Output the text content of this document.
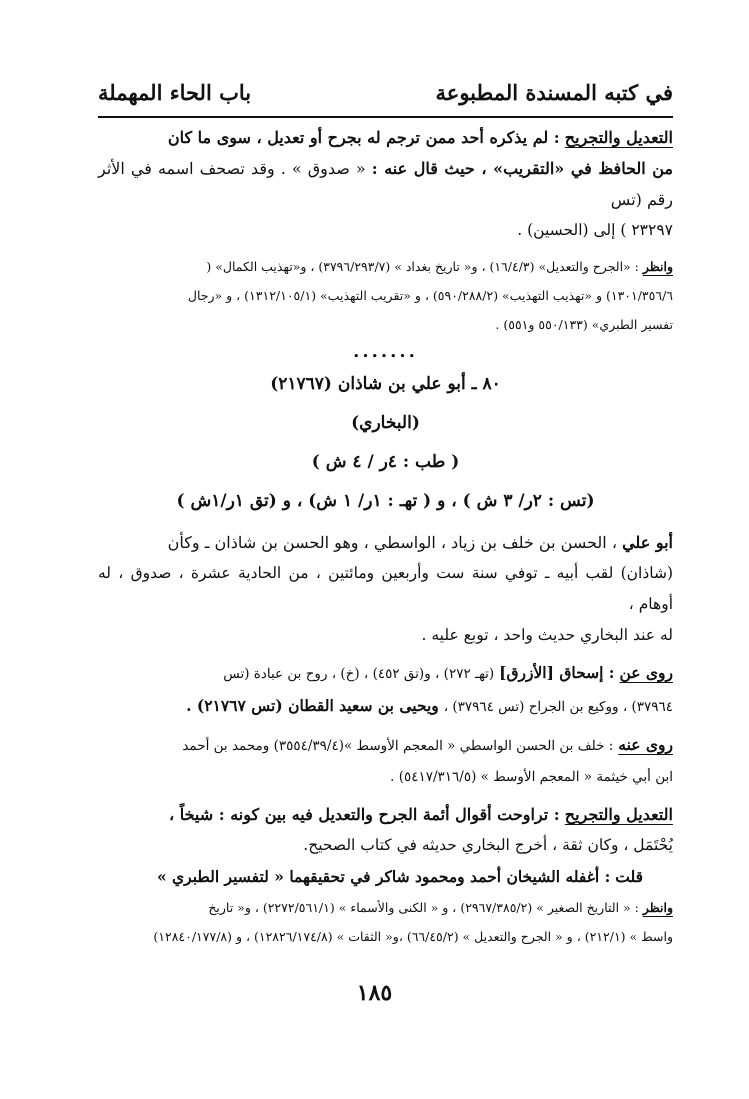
في كتبه المسندة المطبوعة
باب الحاء المهملة

التعديل والتجريح : لم يذكره أحد ممن ترجم له بجرح أو تعديل ، سوى ما كان

من الحافظ في «التقريب» ، حيث قال عنه : « صدوق » . وقد تصحف اسمه في الأثر رقم (تس

٢٣٢٩٧ ) إلى (الحسين) .

وانظر : «الجرح والتعديل» (١٦/٤/٣) ، و« تاريخ بغداد » (٣٧٩٦/٢٩٣/٧) ، و«تهذيب الكمال» (

١٣٠١/٣٥٦/٦) و «تهذيب التهذيب» (٥٩٠/٢٨٨/٢) ، و «تقريب التهذيب» (١٣١٢/١٠٥/١) ، و «رجال

تفسير الطبري» (٥٥٠/١٣٣ و٥٥١) .

.......

٨٠ ـ أبو علي بن شاذان (٢١٧٦٧)

(البخاري)

( طب : ٤ر / ٤ ش )

(تس : ٢ر/ ٣ ش ) ، و ( تهـ : ١ر/ ١ ش) ، و (تق ١ر/١ش )

أبو علي ، الحسن بن خلف بن زياد ، الواسطي ، وهو الحسن بن شاذان ـ وكأن

(شاذان) لقب أبيه ـ توفي سنة ست وأربعين ومائتين ، من الحادية عشرة ، صدوق ، له أوهام ،

له عند البخاري حديث واحد ، توبع عليه .

روى عن : إسحاق [الأزرق] (تهـ ٢٧٢) ، و(تق ٤٥٢) ، (خ) ، روح بن عبادة (تس

٣٧٩٦٤) ، ووكيع بن الجراح (تس ٣٧٩٦٤) ، ويحيى بن سعيد القطان (تس ٢١٧٦٧) .

روى عنه : خلف بن الحسن الواسطي « المعجم الأوسط »(٣٥٥٤/٣٩/٤) ومحمد بن أحمد

ابن أبي خيثمة « المعجم الأوسط » (٥٤١٧/٣١٦/٥) .

التعديل والتجريح : تراوحت أقوال أئمة الجرح والتعديل فيه بين كونه : شيخاً ،

يُحْتَمَل ، وكان ثقة ، أخرج البخاري حديثه في كتاب الصحيح.

قلت : أغفله الشيخان أحمد ومحمود شاكر في تحقيقهما « لتفسير الطبري »

وانظر : « التاريخ الصغير » (٢٩٦٧/٣٨٥/٢) ، و « الكنى والأسماء » (٢٢٧٢/٥٦١/١) ، و« تاريخ

واسط » (٢١٢/١) ، و « الجرح والتعديل » (٦٦/٤٥/٢) ،و« الثقات » (١٢٨٢٦/١٧٤/٨) ، و (١٢٨٤٠/١٧٧/٨)

١٨٥
